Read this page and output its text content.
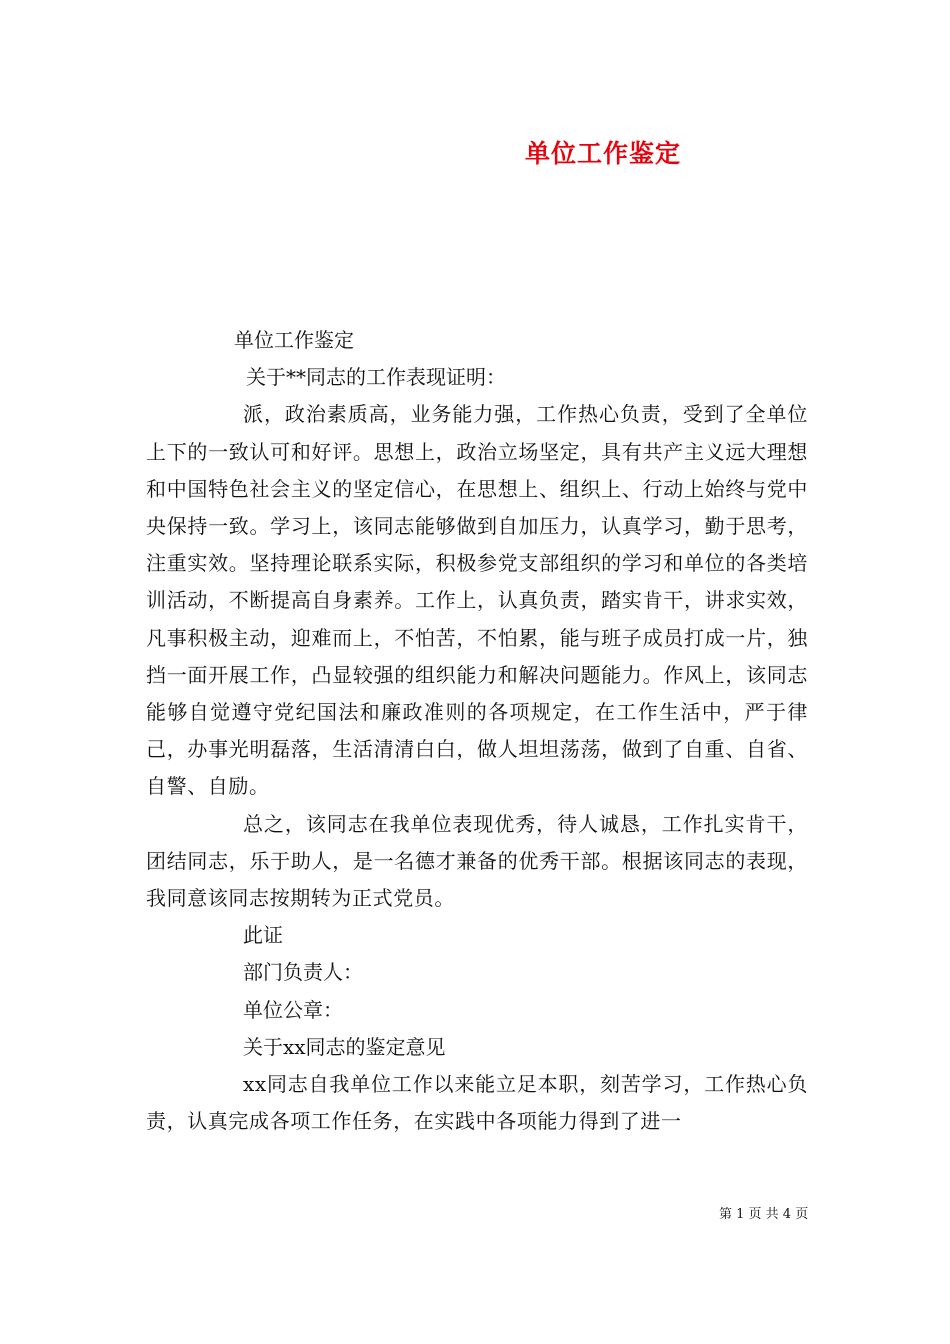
单位工作鉴定
单位工作鉴定
关于**同志的工作表现证明：

派，政治素质高，业务能力强，工作热心负责，受到了全单位上下的一致认可和好评。思想上，政治立场坚定，具有共产主义远大理想和中国特色社会主义的坚定信心，在思想上、组织上、行动上始终与党中央保持一致。学习上，该同志能够做到自加压力，认真学习，勤于思考，注重实效。坚持理论联系实际，积极参党支部组织的学习和单位的各类培训活动，不断提高自身素养。工作上，认真负责，踏实肯干，讲求实效，凡事积极主动，迎难而上，不怕苦，不怕累，能与班子成员打成一片，独挡一面开展工作，凸显较强的组织能力和解决问题能力。作风上，该同志能够自觉遵守党纪国法和廉政准则的各项规定，在工作生活中，严于律己，办事光明磊落，生活清清白白，做人坦坦荡荡，做到了自重、自省、自警、自励。

总之，该同志在我单位表现优秀，待人诚恳，工作扎实肯干，团结同志，乐于助人，是一名德才兼备的优秀干部。根据该同志的表现，我同意该同志按期转为正式党员。

此证
部门负责人：
单位公章：
关于xx同志的鉴定意见

xx同志自我单位工作以来能立足本职，刻苦学习，工作热心负责，认真完成各项工作任务，在实践中各项能力得到了进一

第 1 页 共 4 页
